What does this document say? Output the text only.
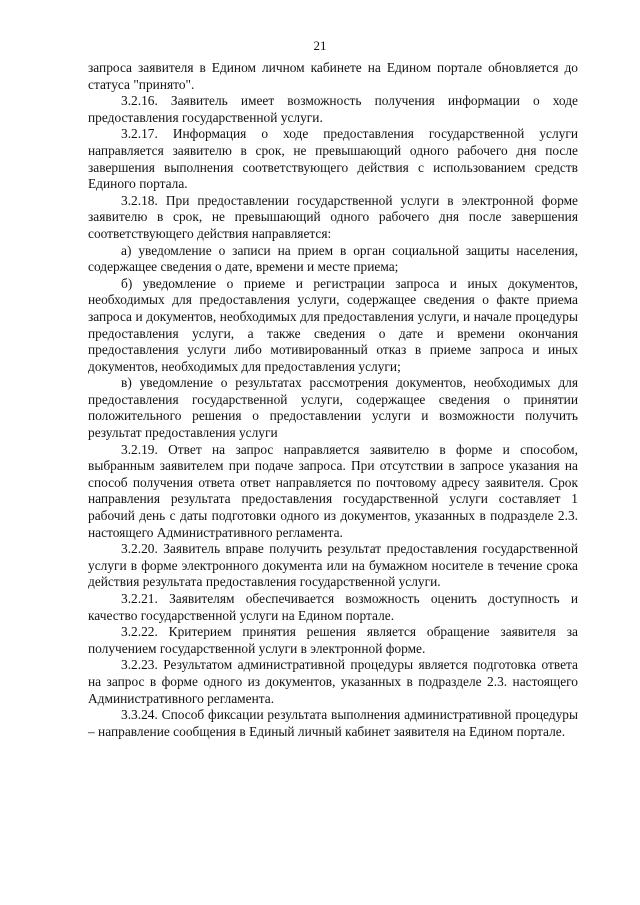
21

запроса заявителя в Едином личном кабинете на Едином портале обновляется до статуса "принято".

3.2.16. Заявитель имеет возможность получения информации о ходе предоставления государственной услуги.

3.2.17. Информация о ходе предоставления государственной услуги направляется заявителю в срок, не превышающий одного рабочего дня после завершения выполнения соответствующего действия с использованием средств Единого портала.

3.2.18. При предоставлении государственной услуги в электронной форме заявителю в срок, не превышающий одного рабочего дня после завершения соответствующего действия направляется:

а) уведомление о записи на прием в орган социальной защиты населения, содержащее сведения о дате, времени и месте приема;

б) уведомление о приеме и регистрации запроса и иных документов, необходимых для предоставления услуги, содержащее сведения о факте приема запроса и документов, необходимых для предоставления услуги, и начале процедуры предоставления услуги, а также сведения о дате и времени окончания предоставления услуги либо мотивированный отказ в приеме запроса и иных документов, необходимых для предоставления услуги;

в) уведомление о результатах рассмотрения документов, необходимых для предоставления государственной услуги, содержащее сведения о принятии положительного решения о предоставлении услуги и возможности получить результат предоставления услуги

3.2.19. Ответ на запрос направляется заявителю в форме и способом, выбранным заявителем при подаче запроса. При отсутствии в запросе указания на способ получения ответа ответ направляется по почтовому адресу заявителя. Срок направления результата предоставления государственной услуги составляет 1 рабочий день с даты подготовки одного из документов, указанных в подразделе 2.3. настоящего Административного регламента.

3.2.20. Заявитель вправе получить результат предоставления государственной услуги в форме электронного документа или на бумажном носителе в течение срока действия результата предоставления государственной услуги.

3.2.21. Заявителям обеспечивается возможность оценить доступность и качество государственной услуги на Едином портале.

3.2.22. Критерием принятия решения является обращение заявителя за получением государственной услуги в электронной форме.

3.2.23. Результатом административной процедуры является подготовка ответа на запрос в форме одного из документов, указанных в подразделе 2.3. настоящего Административного регламента.

3.3.24. Способ фиксации результата выполнения административной процедуры – направление сообщения в Единый личный кабинет заявителя на Едином портале.
